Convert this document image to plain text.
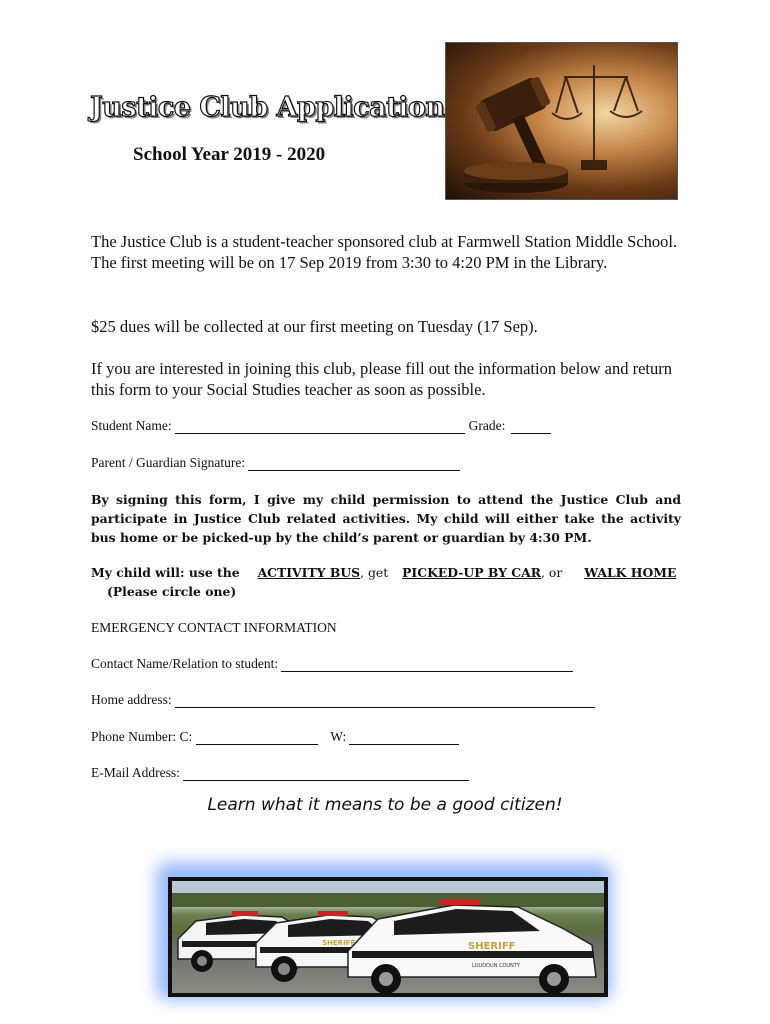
Justice Club Application
School Year 2019 - 2020
The Justice Club is a student-teacher sponsored club at Farmwell Station Middle School. The first meeting will be on 17 Sep 2019 from 3:30 to 4:20 PM in the Library.
$25 dues will be collected at our first meeting on Tuesday (17 Sep).
If you are interested in joining this club, please fill out the information below and return this form to your Social Studies teacher as soon as possible.
Student Name:	Grade:
Parent / Guardian Signature:
By signing this form, I give my child permission to attend the Justice Club and participate in Justice Club related activities. My child will either take the activity bus home or be picked-up by the child’s parent or guardian by 4:30 PM.
My child will: use the ACTIVITY BUS, get PICKED-UP BY CAR, or WALK HOME
(Please circle one)
EMERGENCY CONTACT INFORMATION
Contact Name/Relation to student:
Home address:
Phone Number: C:	W:
E-Mail Address:
Learn what it means to be a good citizen!
SHERIFF	SHERIFF
LOUDOUN COUNTY
